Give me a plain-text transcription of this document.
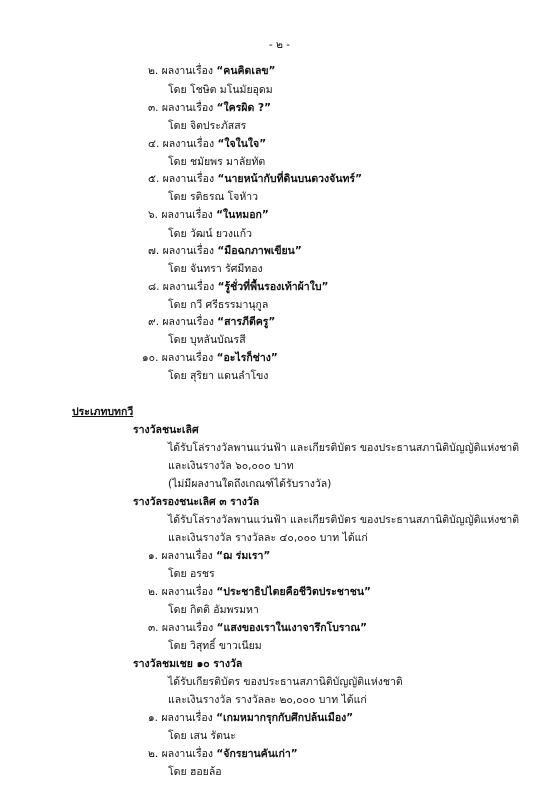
- ๒ -
๒. ผลงานเรื่อง “คนคิดเลข”
โดย โชษิต มโนมัยอุดม
๓. ผลงานเรื่อง “ใครผิด ?”
โดย จิตประภัสสร
๔. ผลงานเรื่อง “ใจในใจ”
โดย ชมัยพร มาลัยทัต
๕. ผลงานเรื่อง “นายหน้ากับที่ดินบนดวงจันทร์”
โดย รติธรณ โจหัาว
๖. ผลงานเรื่อง “ในหมอก”
โดย วัฒน์ ยวงแก้ว
๗. ผลงานเรื่อง “มือฉกภาพเขียน”
โดย จันทรา รัศมีทอง
๘. ผลงานเรื่อง “รู้ชั่วที่พื้นรองเท้าผ้าใบ”
โดย กวี ศรีธรรมานุกูล
๙. ผลงานเรื่อง “สารภีตีครู”
โดย บุหลันบัณรสี
๑๐. ผลงานเรื่อง “อะไรก็ช่าง”
โดย สุริยา แดนลำโขง
ประเภทบทกวี
รางวัลชนะเลิศ
ได้รับโล่รางวัลพานแว่นฟ้า และเกียรติบัตร ของประธานสภานิติบัญญัติแห่งชาติ
และเงินรางวัล ๖๐,๐๐๐ บาท
(ไม่มีผลงานใดถึงเกณฑ์ได้รับรางวัล)
รางวัลรองชนะเลิศ ๓ รางวัล
ได้รับโล่รางวัลพานแว่นฟ้า และเกียรติบัตร ของประธานสภานิติบัญญัติแห่งชาติ
และเงินรางวัล รางวัลละ ๔๐,๐๐๐ บาท ได้แก่
๑. ผลงานเรื่อง “ฌ ร่มเรา”
โดย อรชร
๒. ผลงานเรื่อง “ประชาธิปไตยคือชีวิตประชาชน”
โดย กิตติ อัมพรมหา
๓. ผลงานเรื่อง “แสงของเราในเงาจารึกโบราณ”
โดย วิสุทธิ์ ขาวเนียม
รางวัลชมเชย ๑๐ รางวัล
ได้รับเกียรติบัตร ของประธานสภานิติบัญญัติแห่งชาติ
และเงินรางวัล รางวัลละ ๒๐,๐๐๐ บาท ได้แก่
๑. ผลงานเรื่อง “เกมหมากรุกกับศึกปล้นเมือง”
โดย เสน รัตนะ
๒. ผลงานเรื่อง “จักรยานคันเก่า”
โดย ฮอยล้อ
